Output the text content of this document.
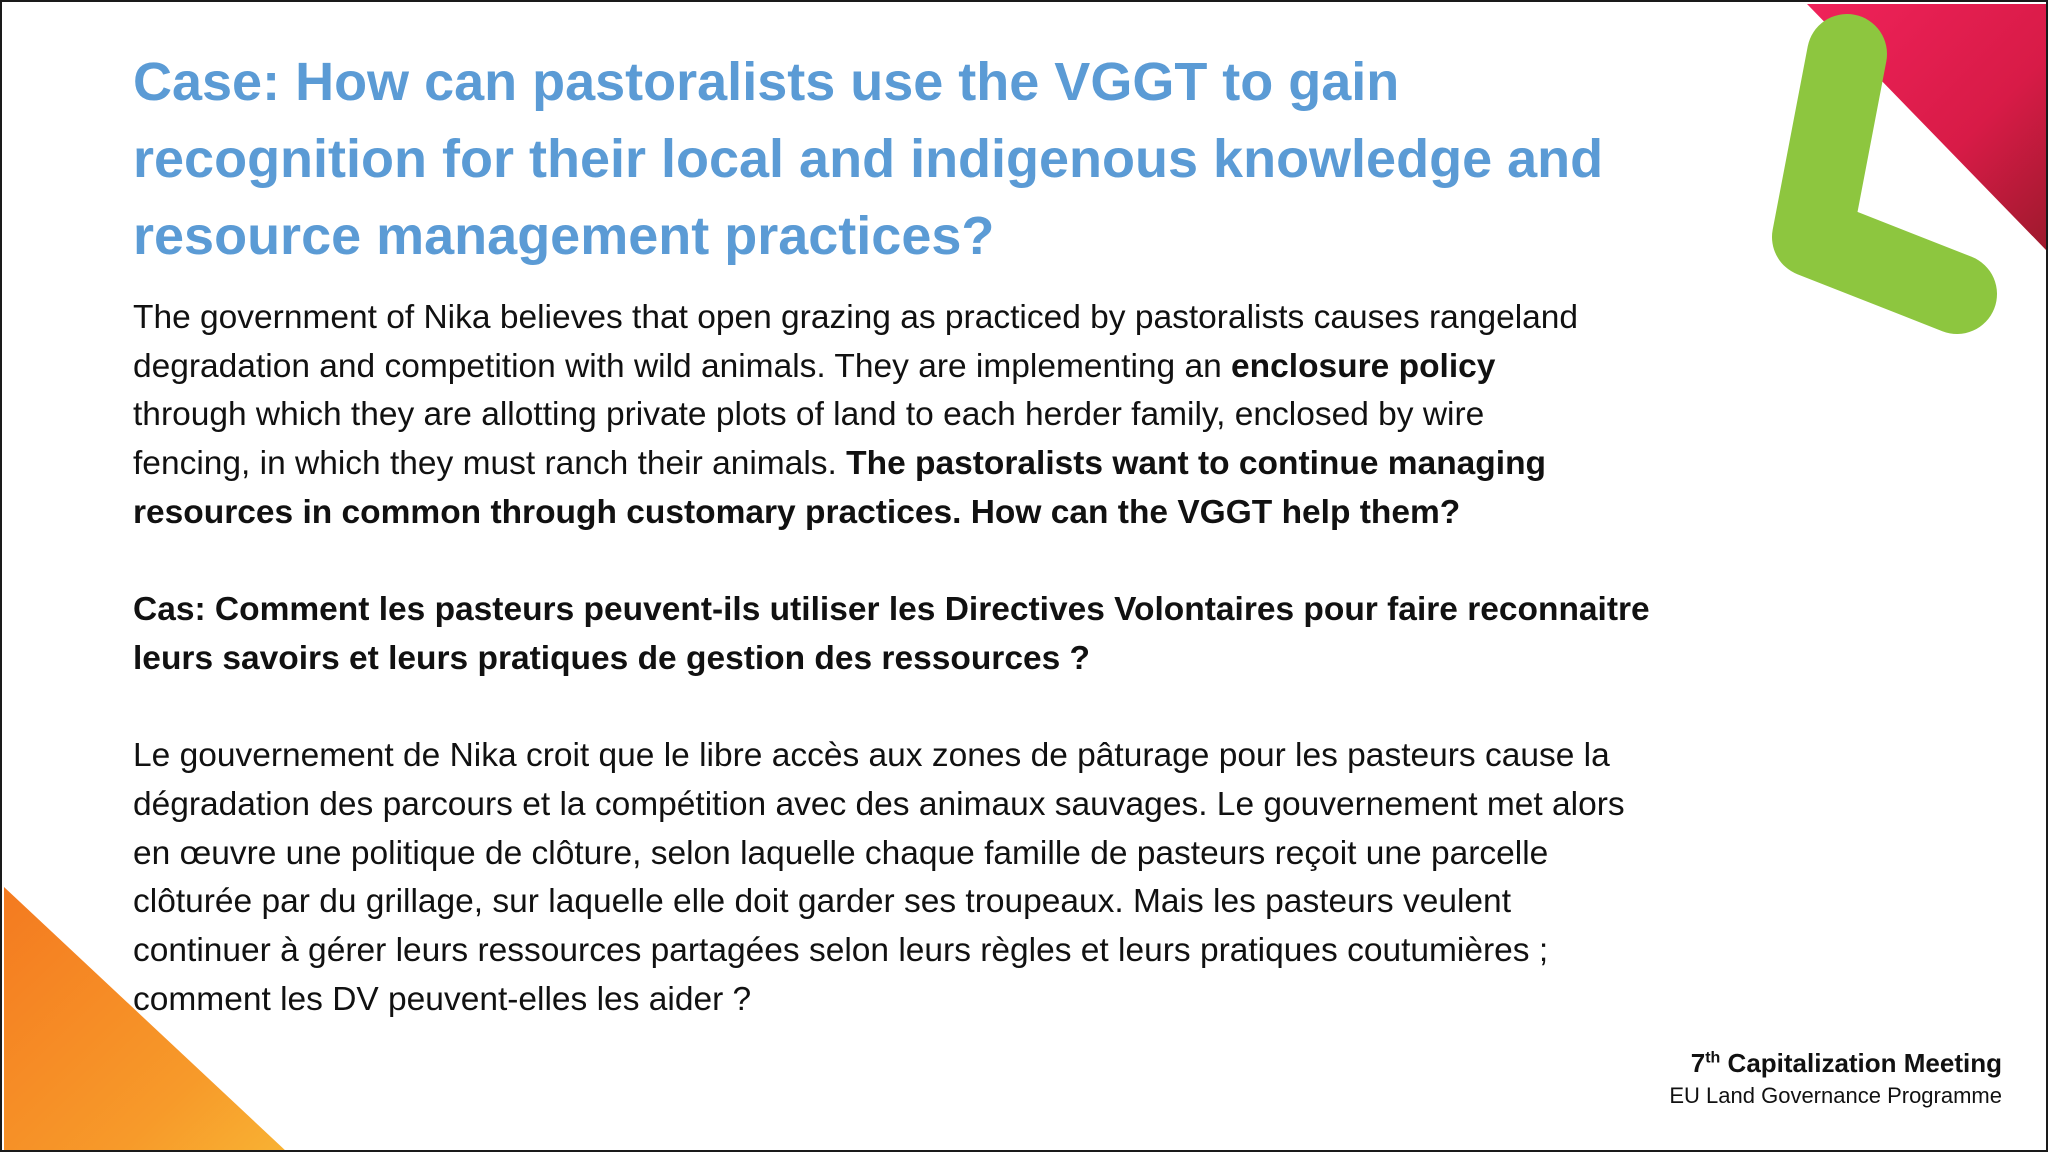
Case: How can pastoralists use the VGGT to gain
recognition for their local and indigenous knowledge and
resource management practices?
The government of Nika believes that open grazing as practiced by pastoralists causes rangeland
degradation and competition with wild animals. They are implementing an enclosure policy
through which they are allotting private plots of land to each herder family, enclosed by wire
fencing, in which they must ranch their animals. The pastoralists want to continue managing
resources in common through customary practices. How can the VGGT help them?
Cas: Comment les pasteurs peuvent-ils utiliser les Directives Volontaires pour faire reconnaitre
leurs savoirs et leurs pratiques de gestion des ressources ?
Le gouvernement de Nika croit que le libre accès aux zones de pâturage pour les pasteurs cause la
dégradation des parcours et la compétition avec des animaux sauvages. Le gouvernement met alors
en œuvre une politique de clôture, selon laquelle chaque famille de pasteurs reçoit une parcelle
clôturée par du grillage, sur laquelle elle doit garder ses troupeaux. Mais les pasteurs veulent
continuer à gérer leurs ressources partagées selon leurs règles et leurs pratiques coutumières ;
comment les DV peuvent-elles les aider ?
7th Capitalization Meeting
EU Land Governance Programme
